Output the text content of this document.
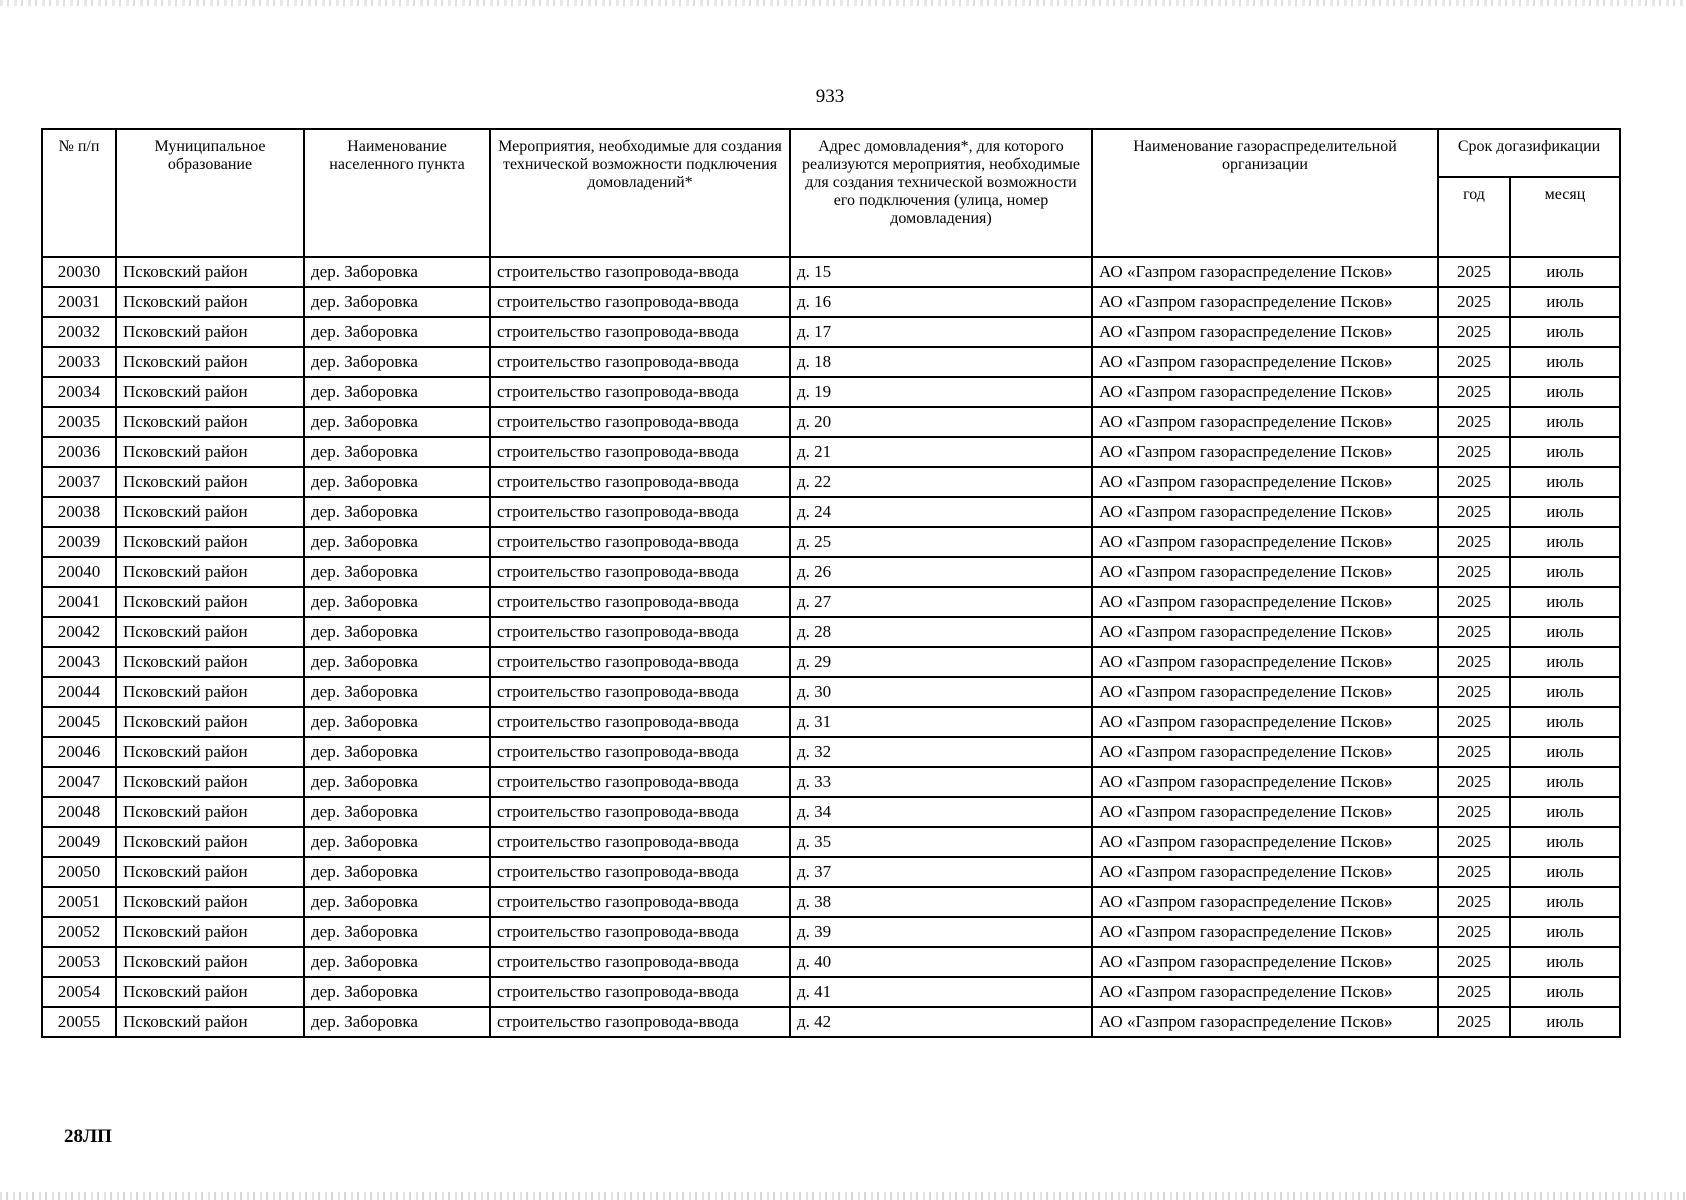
933
№ п/п	Муниципальное образование	Наименование населенного пункта	Мероприятия, необходимые для создания технической возможности подключения домовладений*	Адрес домовладения*, для которого реализуются мероприятия, необходимые для создания технической возможности его подключения (улица, номер домовладения)	Наименование газораспределительной организации	Срок догазификации	
						год	месяц
20030	Псковский район	дер. Заборовка	строительство газопровода-ввода	д. 15	АО «Газпром газораспределение Псков»	2025	июль
20031	Псковский район	дер. Заборовка	строительство газопровода-ввода	д. 16	АО «Газпром газораспределение Псков»	2025	июль
20032	Псковский район	дер. Заборовка	строительство газопровода-ввода	д. 17	АО «Газпром газораспределение Псков»	2025	июль
20033	Псковский район	дер. Заборовка	строительство газопровода-ввода	д. 18	АО «Газпром газораспределение Псков»	2025	июль
20034	Псковский район	дер. Заборовка	строительство газопровода-ввода	д. 19	АО «Газпром газораспределение Псков»	2025	июль
20035	Псковский район	дер. Заборовка	строительство газопровода-ввода	д. 20	АО «Газпром газораспределение Псков»	2025	июль
20036	Псковский район	дер. Заборовка	строительство газопровода-ввода	д. 21	АО «Газпром газораспределение Псков»	2025	июль
20037	Псковский район	дер. Заборовка	строительство газопровода-ввода	д. 22	АО «Газпром газораспределение Псков»	2025	июль
20038	Псковский район	дер. Заборовка	строительство газопровода-ввода	д. 24	АО «Газпром газораспределение Псков»	2025	июль
20039	Псковский район	дер. Заборовка	строительство газопровода-ввода	д. 25	АО «Газпром газораспределение Псков»	2025	июль
20040	Псковский район	дер. Заборовка	строительство газопровода-ввода	д. 26	АО «Газпром газораспределение Псков»	2025	июль
20041	Псковский район	дер. Заборовка	строительство газопровода-ввода	д. 27	АО «Газпром газораспределение Псков»	2025	июль
20042	Псковский район	дер. Заборовка	строительство газопровода-ввода	д. 28	АО «Газпром газораспределение Псков»	2025	июль
20043	Псковский район	дер. Заборовка	строительство газопровода-ввода	д. 29	АО «Газпром газораспределение Псков»	2025	июль
20044	Псковский район	дер. Заборовка	строительство газопровода-ввода	д. 30	АО «Газпром газораспределение Псков»	2025	июль
20045	Псковский район	дер. Заборовка	строительство газопровода-ввода	д. 31	АО «Газпром газораспределение Псков»	2025	июль
20046	Псковский район	дер. Заборовка	строительство газопровода-ввода	д. 32	АО «Газпром газораспределение Псков»	2025	июль
20047	Псковский район	дер. Заборовка	строительство газопровода-ввода	д. 33	АО «Газпром газораспределение Псков»	2025	июль
20048	Псковский район	дер. Заборовка	строительство газопровода-ввода	д. 34	АО «Газпром газораспределение Псков»	2025	июль
20049	Псковский район	дер. Заборовка	строительство газопровода-ввода	д. 35	АО «Газпром газораспределение Псков»	2025	июль
20050	Псковский район	дер. Заборовка	строительство газопровода-ввода	д. 37	АО «Газпром газораспределение Псков»	2025	июль
20051	Псковский район	дер. Заборовка	строительство газопровода-ввода	д. 38	АО «Газпром газораспределение Псков»	2025	июль
20052	Псковский район	дер. Заборовка	строительство газопровода-ввода	д. 39	АО «Газпром газораспределение Псков»	2025	июль
20053	Псковский район	дер. Заборовка	строительство газопровода-ввода	д. 40	АО «Газпром газораспределение Псков»	2025	июль
20054	Псковский район	дер. Заборовка	строительство газопровода-ввода	д. 41	АО «Газпром газораспределение Псков»	2025	июль
20055	Псковский район	дер. Заборовка	строительство газопровода-ввода	д. 42	АО «Газпром газораспределение Псков»	2025	июль
28ЛП
